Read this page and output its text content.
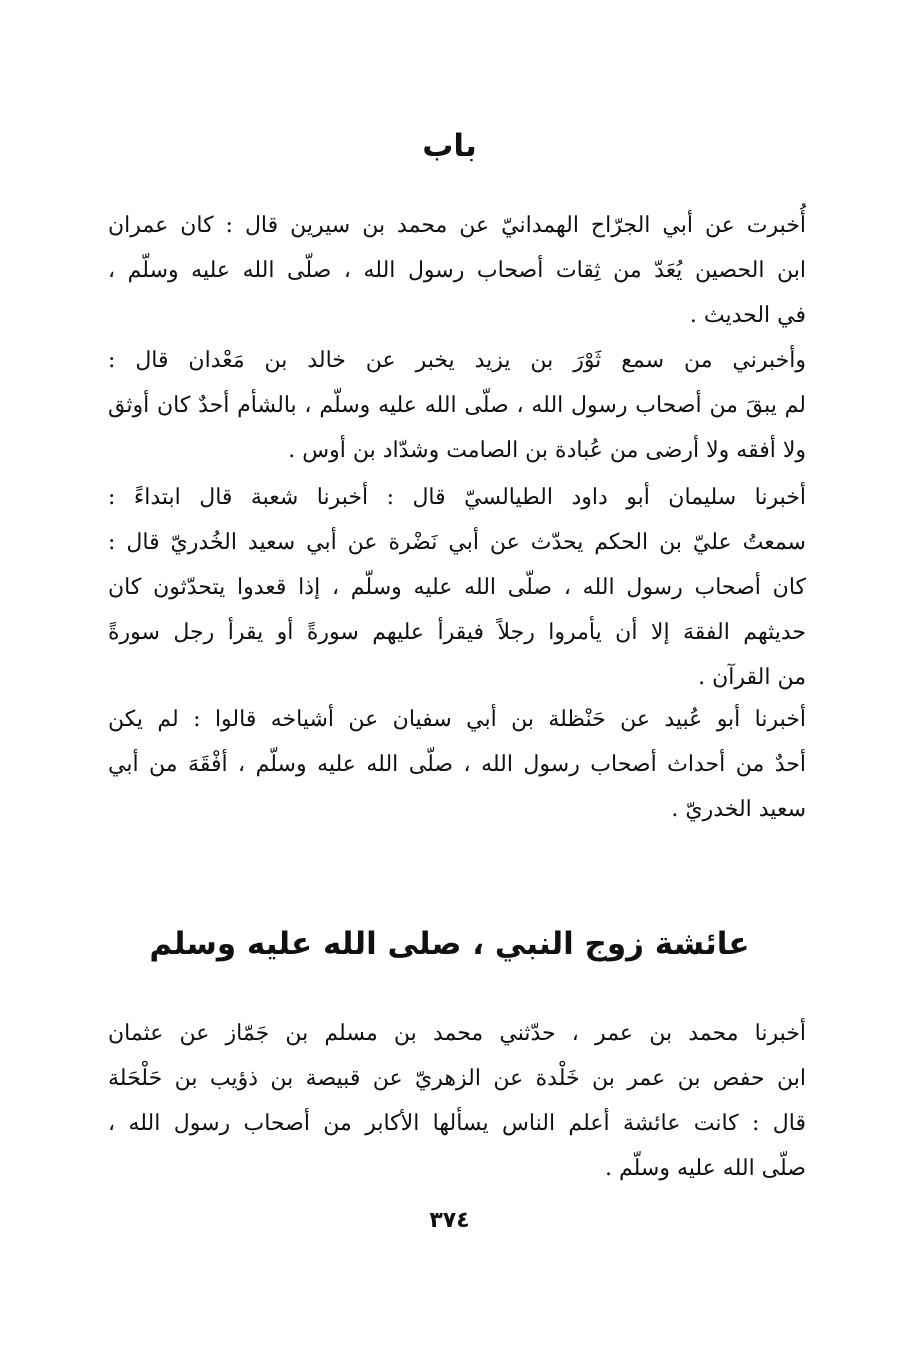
باب
أُخبرت عن أبي الجرّاح الهمدانيّ عن محمد بن سيرين قال : كان عمران
ابن الحصين يُعَدّ من ثِقات أصحاب رسول الله ، صلّى الله عليه وسلّم ،
في الحديث .
وأخبرني من سمع ثَوْرَ بن يزيد يخبر عن خالد بن مَعْدان قال :
لم يبقَ من أصحاب رسول الله ، صلّى الله عليه وسلّم ، بالشأم أحدٌ كان أوثق
ولا أفقه ولا أرضى من عُبادة بن الصامت وشدّاد بن أوس .
أخبرنا سليمان أبو داود الطيالسيّ قال : أخبرنا شعبة قال ابتداءً :
سمعتُ عليّ بن الحكم يحدّث عن أبي نَضْرة عن أبي سعيد الخُدريّ قال :
كان أصحاب رسول الله ، صلّى الله عليه وسلّم ، إذا قعدوا يتحدّثون كان
حديثهم الفقهَ إلا أن يأمروا رجلاً فيقرأ عليهم سورةً أو يقرأ رجل سورةً
من القرآن .
أخبرنا أبو عُبيد عن حَنْظلة بن أبي سفيان عن أشياخه قالوا : لم يكن
أحدٌ من أحداث أصحاب رسول الله ، صلّى الله عليه وسلّم ، أفْقَهَ من أبي
سعيد الخدريّ .
عائشة زوج النبي ، صلى الله عليه وسلم
أخبرنا محمد بن عمر ، حدّثني محمد بن مسلم بن جَمّاز عن عثمان
ابن حفص بن عمر بن خَلْدة عن الزهريّ عن قبيصة بن ذؤيب بن حَلْحَلة
قال : كانت عائشة أعلم الناس يسألها الأكابر من أصحاب رسول الله ،
صلّى الله عليه وسلّم .
٣٧٤
